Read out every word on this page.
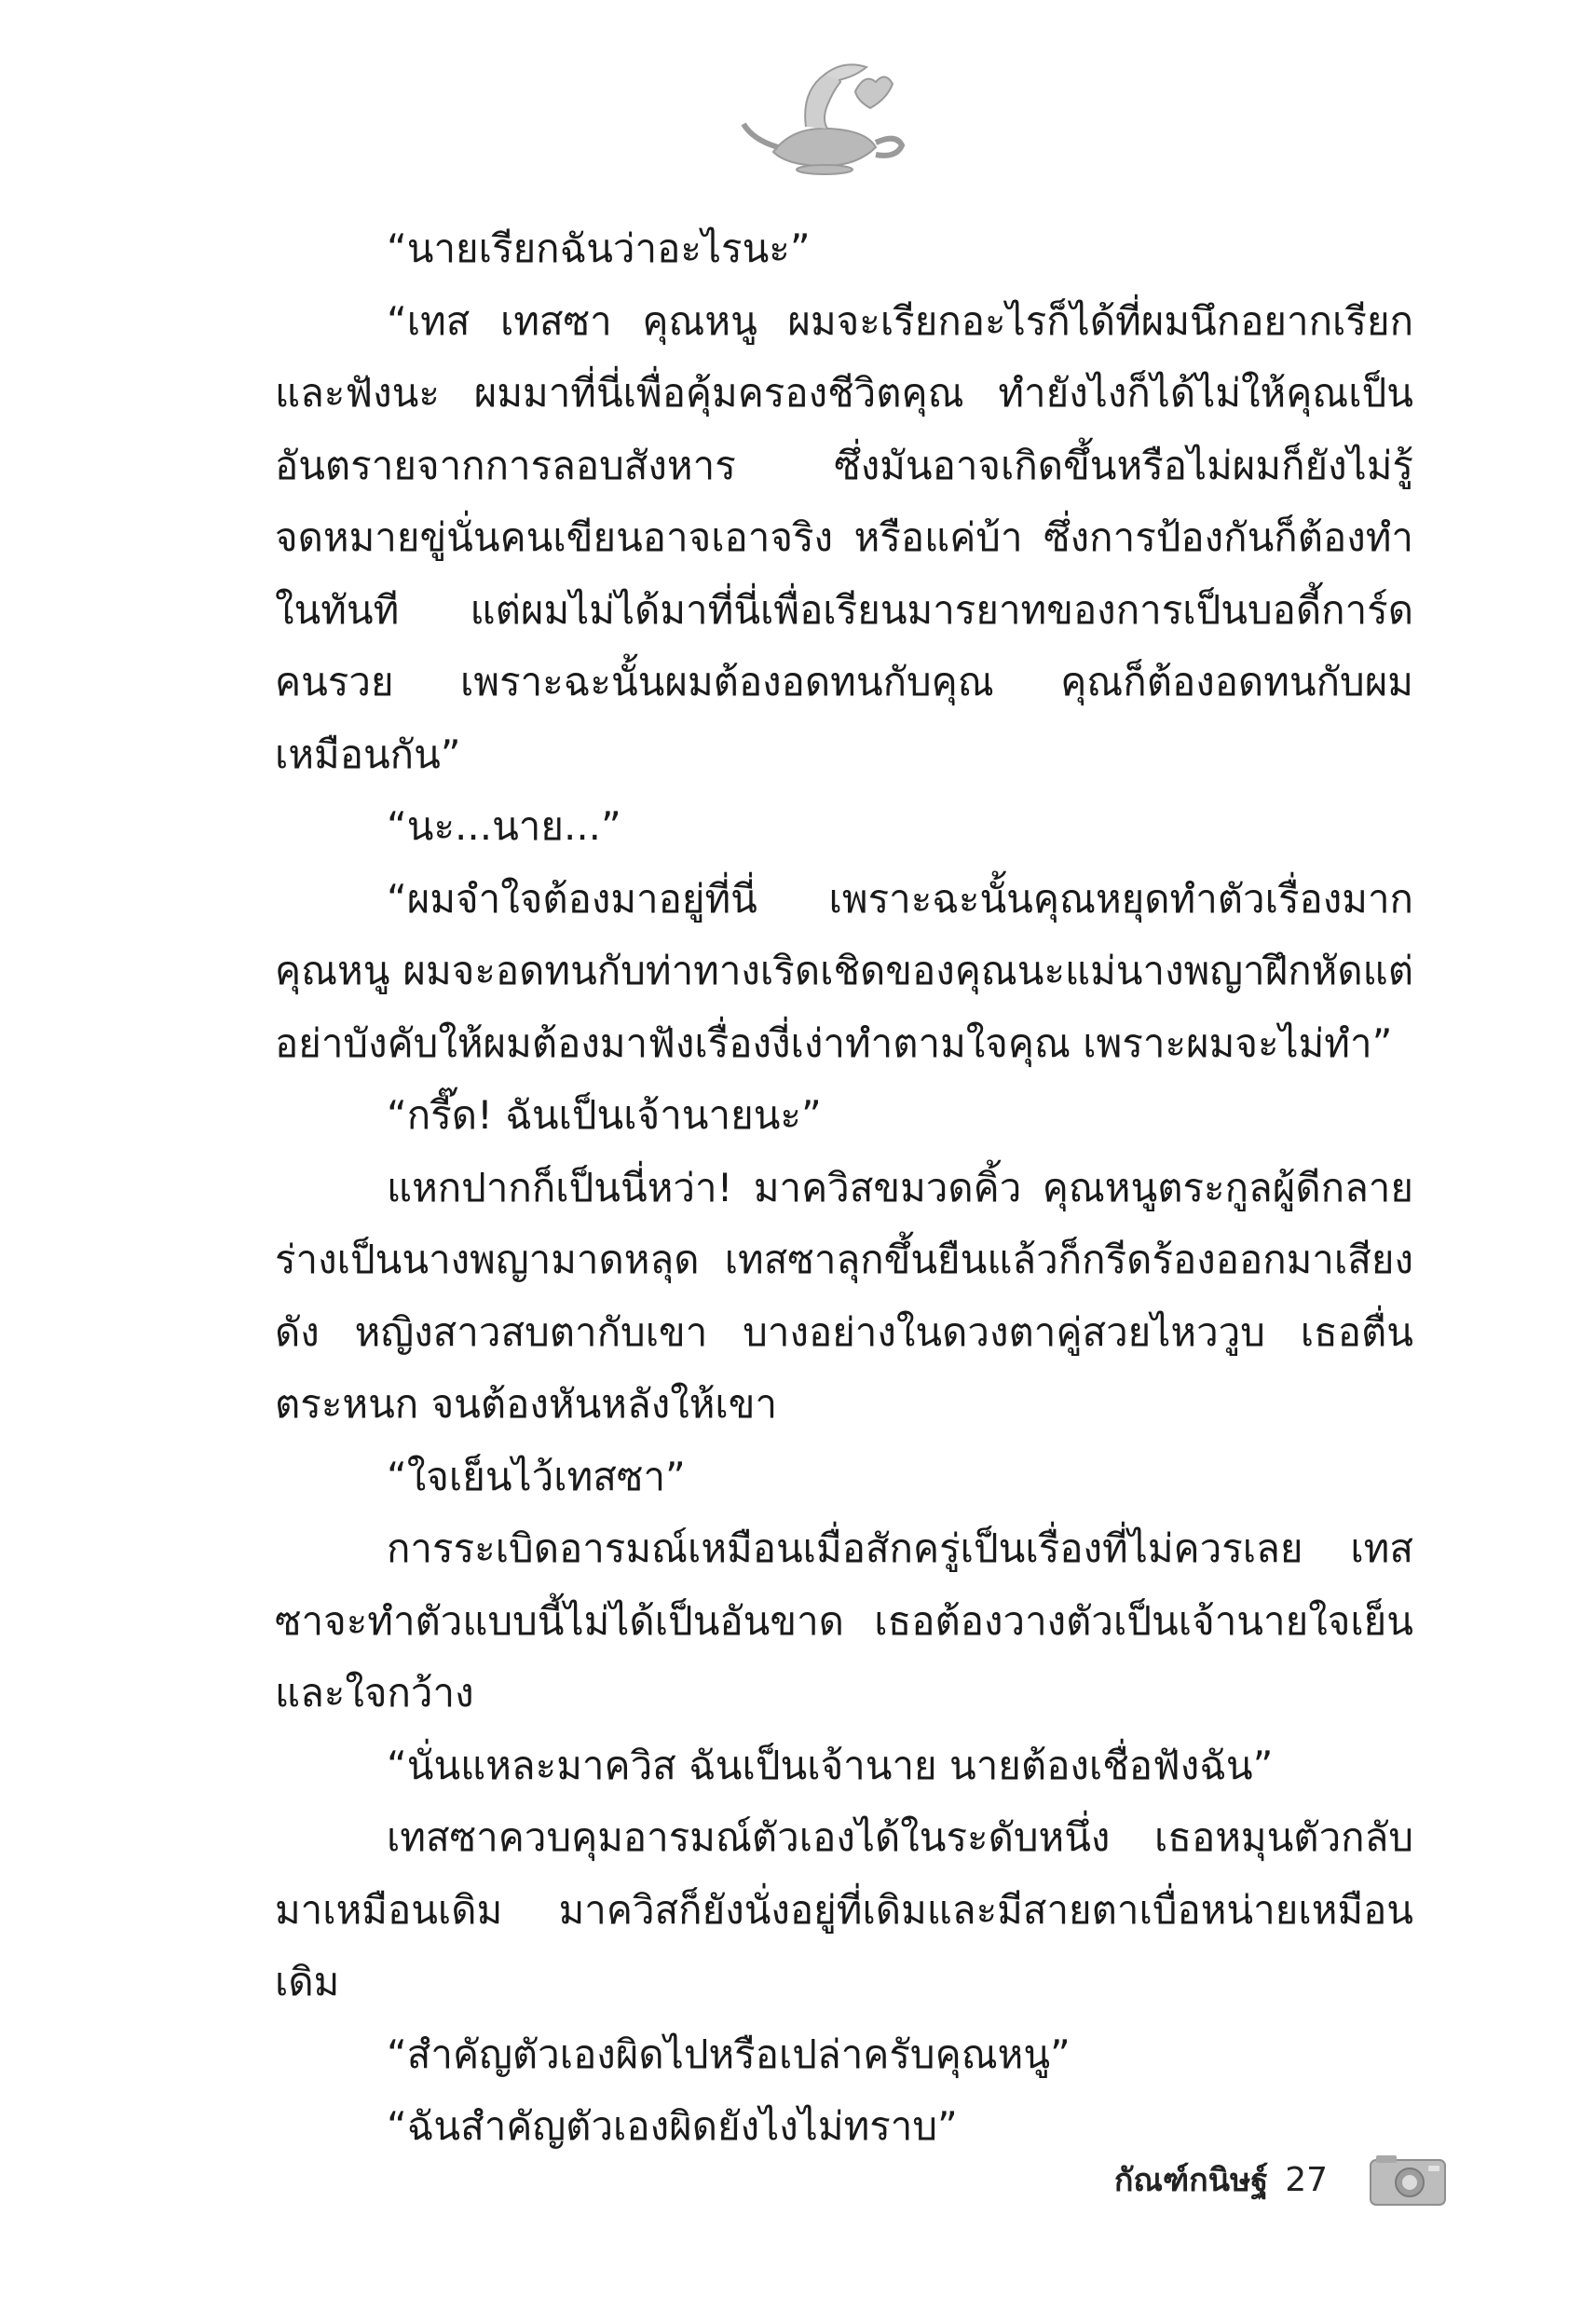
“นายเรียกฉันว่าอะไรนะ”

“เทส เทสซา คุณหนู ผมจะเรียกอะไรก็ได้ที่ผมนึกอยากเรียกและฟังนะ ผมมาที่นี่เพื่อคุ้มครองชีวิตคุณ ทำยังไงก็ได้ไม่ให้คุณเป็นอันตรายจากการลอบสังหาร ซึ่งมันอาจเกิดขึ้นหรือไม่ผมก็ยังไม่รู้ จดหมายขู่นั่นคนเขียนอาจเอาจริง หรือแค่บ้า ซึ่งการป้องกันก็ต้องทำในทันที แต่ผมไม่ได้มาที่นี่เพื่อเรียนมารยาทของการเป็นบอดี้การ์ดคนรวย เพราะฉะนั้นผมต้องอดทนกับคุณ คุณก็ต้องอดทนกับผมเหมือนกัน”

“นะ...นาย...”

“ผมจำใจต้องมาอยู่ที่นี่ เพราะฉะนั้นคุณหยุดทำตัวเรื่องมากคุณหนู ผมจะอดทนกับท่าทางเริดเชิดของคุณนะแม่นางพญาฝึกหัดแต่อย่าบังคับให้ผมต้องมาฟังเรื่องงี่เง่าทำตามใจคุณ เพราะผมจะไม่ทำ”

“กรี๊ด! ฉันเป็นเจ้านายนะ”

แหกปากก็เป็นนี่หว่า! มาควิสขมวดคิ้ว คุณหนูตระกูลผู้ดีกลายร่างเป็นนางพญามาดหลุด เทสซาลุกขึ้นยืนแล้วก็กรีดร้องออกมาเสียงดัง หญิงสาวสบตากับเขา บางอย่างในดวงตาคู่สวยไหววูบ เธอตื่นตระหนก จนต้องหันหลังให้เขา

“ใจเย็นไว้เทสซา”

การระเบิดอารมณ์เหมือนเมื่อสักครู่เป็นเรื่องที่ไม่ควรเลย เทสซาจะทำตัวแบบนี้ไม่ได้เป็นอันขาด เธอต้องวางตัวเป็นเจ้านายใจเย็นและใจกว้าง

“นั่นแหละมาควิส ฉันเป็นเจ้านาย นายต้องเชื่อฟังฉัน”

เทสซาควบคุมอารมณ์ตัวเองได้ในระดับหนึ่ง เธอหมุนตัวกลับมาเหมือนเดิม มาควิสก็ยังนั่งอยู่ที่เดิมและมีสายตาเบื่อหน่ายเหมือนเดิม

“สำคัญตัวเองผิดไปหรือเปล่าครับคุณหนู”

“ฉันสำคัญตัวเองผิดยังไงไม่ทราบ”

กัณฑ์กนิษฐ์ 27
